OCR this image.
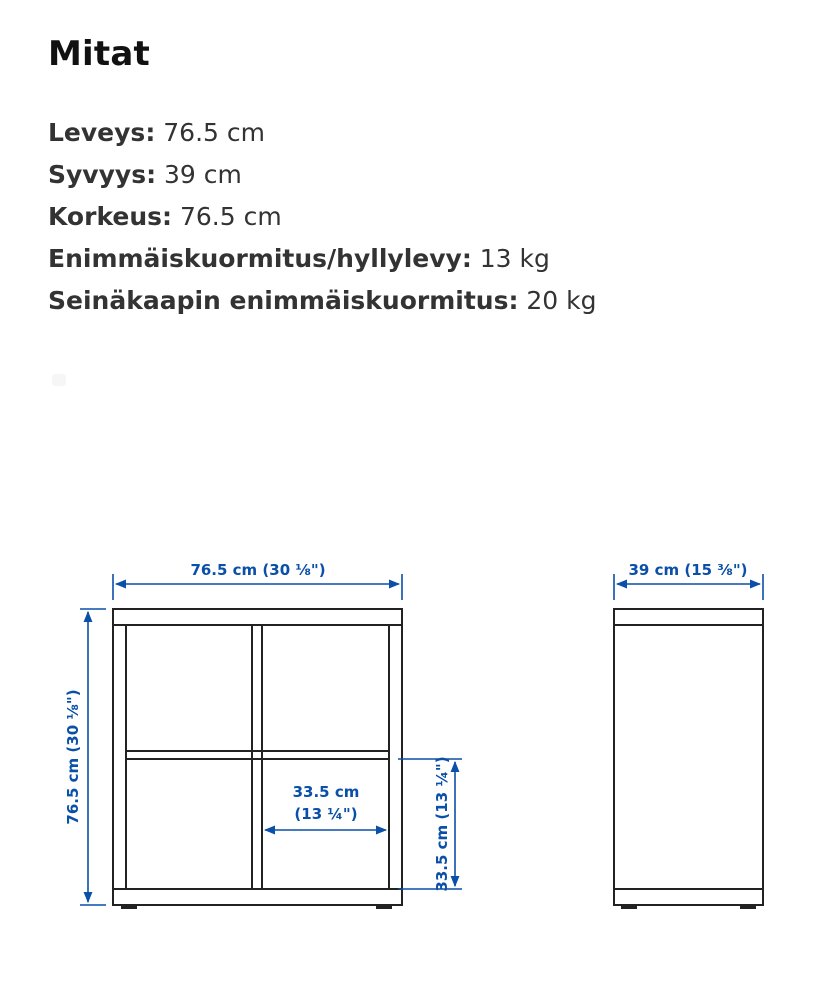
Mitat
Leveys: 76.5 cm
Syvyys: 39 cm
Korkeus: 76.5 cm
Enimmäiskuormitus/hyllylevy: 13 kg
Seinäkaapin enimmäiskuormitus: 20 kg
76.5 cm (30 ⅛")
76.5 cm (30 ⅛")	33.5 cm
(13 ¼")	33.5 cm (13 ¼")
39 cm (15 ⅜")
